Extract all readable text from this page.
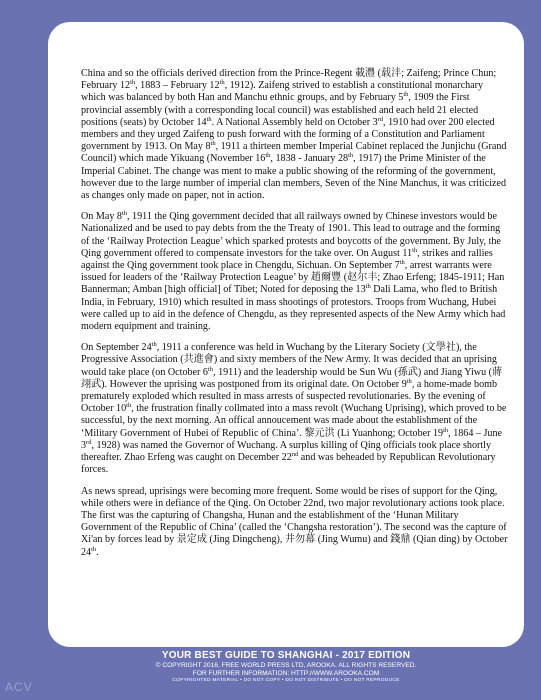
China and so the officials derived direction from the Prince-Regent 載灃 (载沣; Zaifeng; Prince Chun; February 12th, 1883 – February 12th, 1912). Zaifeng strived to establish a constitutional monarchary which was balanced by both Han and Manchu ethnic groups, and by February 5th, 1909 the First provincial assembly (with a corresponding local council) was established and each held 21 elected positions (seats) by October 14th. A National Assembly held on October 3rd, 1910 had over 200 elected members and they urged Zaifeng to push forward with the forming of a Constitution and Parliament government by 1913. On May 8th, 1911 a thirteen member Imperial Cabinet replaced the Junjichu (Grand Council) which made Yikuang (November 16th, 1838 - January 28th, 1917) the Prime Minister of the Imperial Cabinet. The change was ment to make a public showing of the reforming of the government, however due to the large number of imperial clan members, Seven of the Nine Manchus, it was criticized as changes only made on paper, not in action.

On May 8th, 1911 the Qing government decided that all railways owned by Chinese investors would be Nationalized and be used to pay debts from the the Treaty of 1901. This lead to outrage and the forming of the ‘Railway Protection League’ which sparked protests and boycotts of the government. By July, the Qing government offered to compensate investors for the take over. On August 11th, strikes and rallies against the Qing government took place in Chengdu, Sichuan. On September 7th, arrest warrants were issued for leaders of the ‘Railway Protection League’ by 趙爾豐 (赵尔丰; Zhao Erfeng; 1845-1911; Han Bannerman; Amban [high official] of Tibet; Noted for deposing the 13th Dali Lama, who fled to British India, in February, 1910) which resulted in mass shootings of protestors. Troops from Wuchang, Hubei were called up to aid in the defence of Chengdu, as they represented aspects of the New Army which had modern equipment and training.

On September 24th, 1911 a conference was held in Wuchang by the Literary Society (文學社), the Progressive Association (共進會) and sixty members of the New Army. It was decided that an uprising would take place (on October 6th, 1911) and the leadership would be Sun Wu (孫武) and Jiang Yiwu (蔣翊武). However the uprising was postponed from its original date. On October 9th, a home-made bomb prematurely exploded which resulted in mass arrests of suspected revolutionaries. By the evening of October 10th, the frustration finally collmated into a mass revolt (Wuchang Uprising), which proved to be successful, by the next morning. An offical annoucement was made about the establishment of the ‘Military Government of Hubei of Republic of China’. 黎元洪 (Li Yuanhong; October 19th, 1864 – June 3rd, 1928) was named the Governor of Wuchang. A surplus killing of Qing officials took place shortly thereafter. Zhao Erfeng was caught on December 22nd and was beheaded by Republican Revolutionary forces.

As news spread, uprisings were becoming more frequent. Some would be rises of support for the Qing, while others were in defiance of the Qing. On October 22nd, two major revolutionary actions took place. The first was the capturing of Changsha, Hunan and the establishment of the ‘Hunan Military Government of the Republic of China’ (called the ‘Changsha restoration’). The second was the capture of Xi'an by forces lead by 景定成 (Jing Dingcheng), 井勿幕 (Jing Wumu) and 錢鼎 (Qian ding) by October 24th.

YOUR BEST GUIDE TO SHANGHAI - 2017 EDITION
© COPYRIGHT 2016, FREE WORLD PRESS LTD, AROOKA. ALL RIGHTS RESERVED.
FOR FURTHER INFORMATION: HTTP://WWW.AROOKA.COM
COPYRIGHTED MATERIAL • DO NOT COPY • DO NOT DISTRIBUTE • DO NOT REPRODUCE
ACV
